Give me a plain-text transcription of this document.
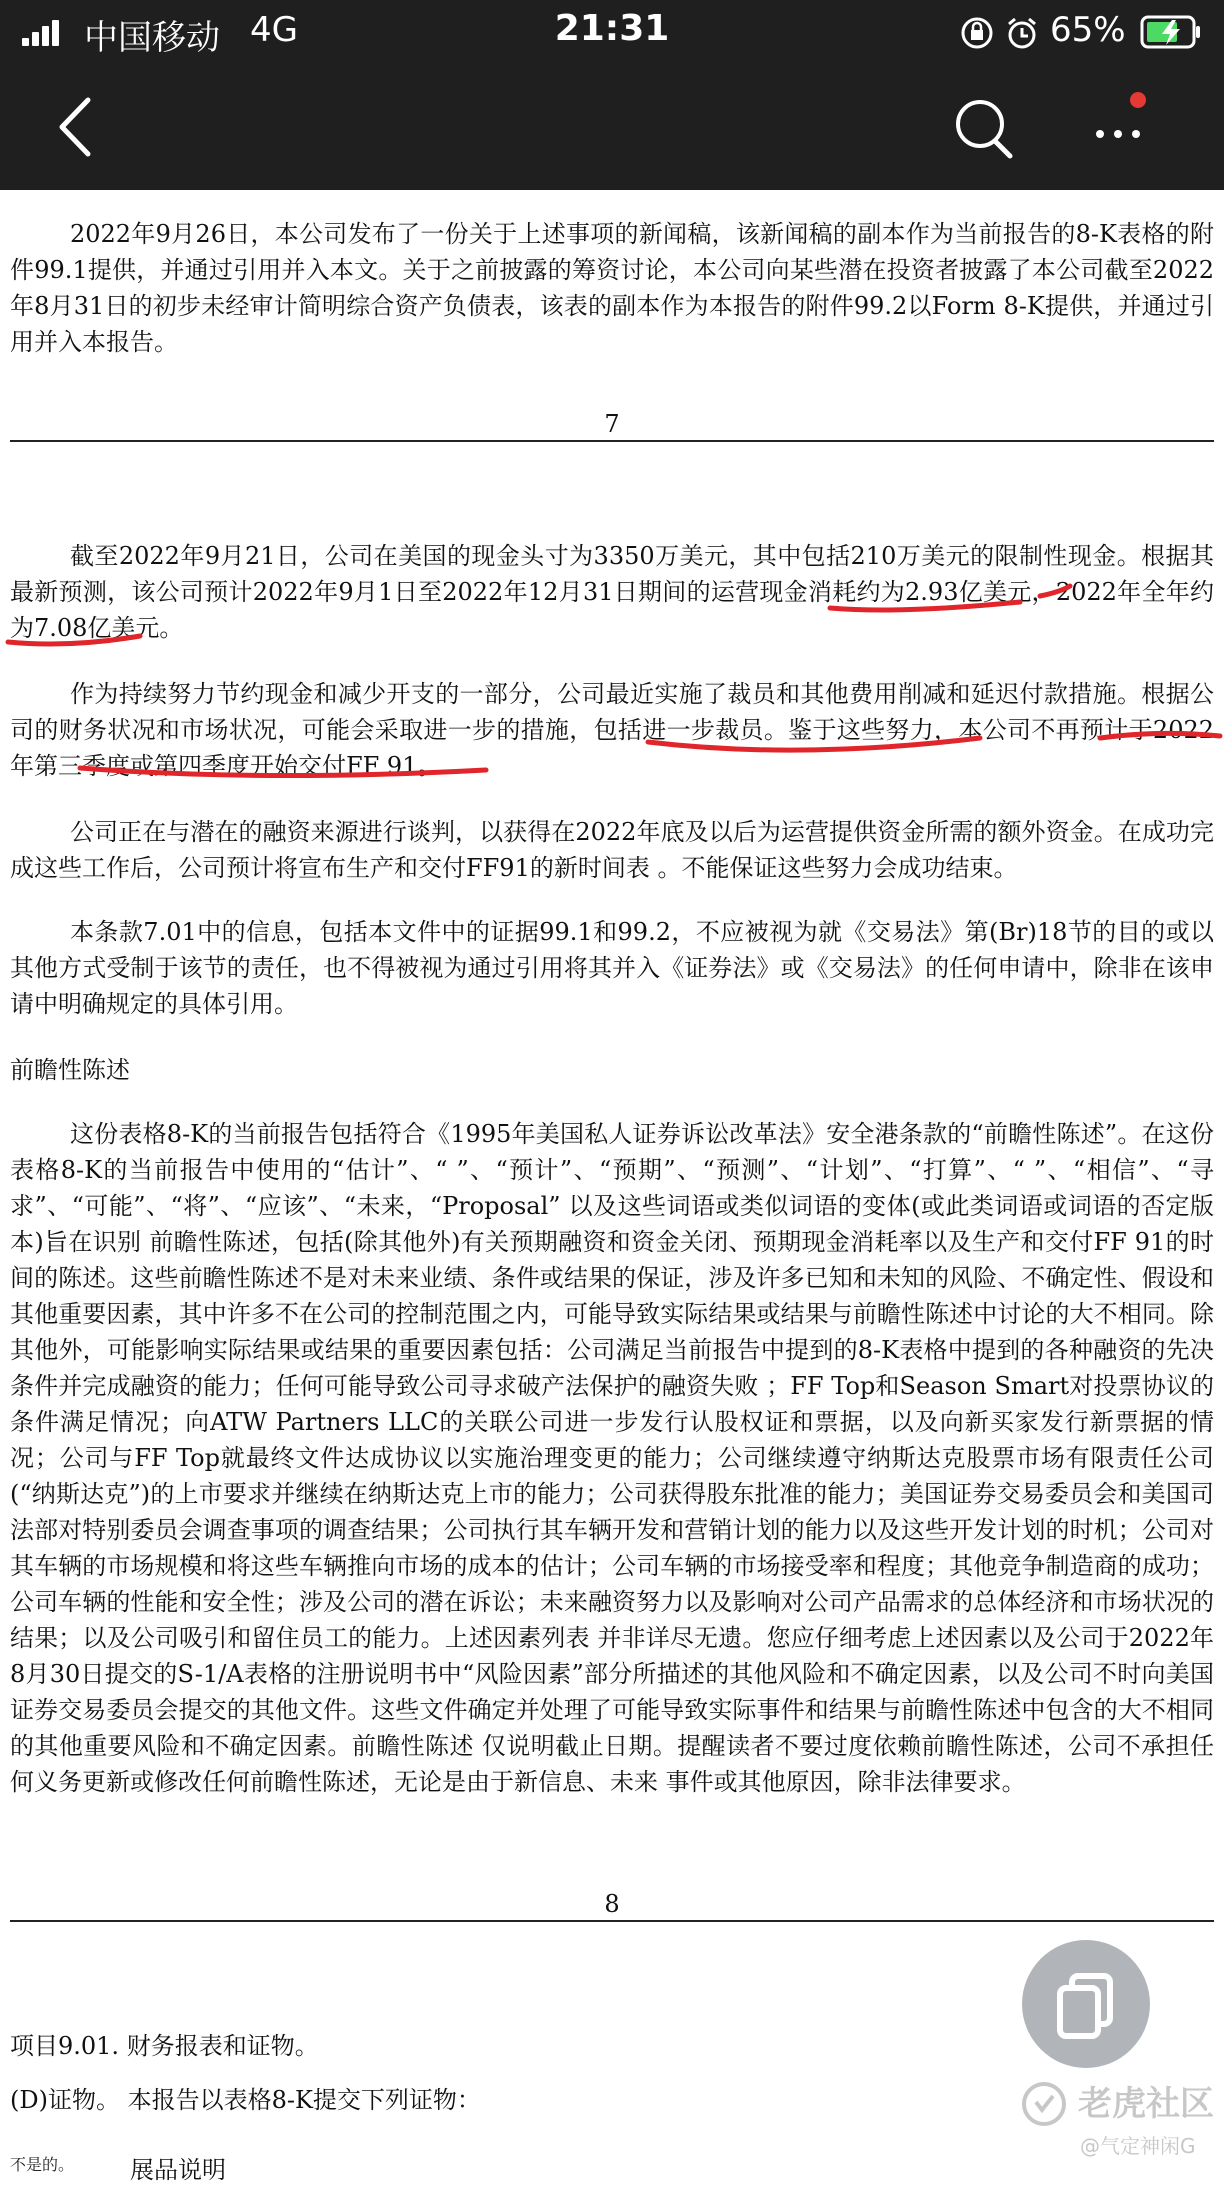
中国移动 4G	21:31	65%

2022年9月26日，本公司发布了一份关于上述事项的新闻稿，该新闻稿的副本作为当前报告的8-K表格的附件99.1提供，并通过引用并入本文。关于之前披露的筹资讨论，本公司向某些潜在投资者披露了本公司截至2022年8月31日的初步未经审计简明综合资产负债表，该表的副本作为本报告的附件99.2以Form 8-K提供，并通过引用并入本报告。

7

截至2022年9月21日，公司在美国的现金头寸为3350万美元，其中包括210万美元的限制性现金。根据其最新预测，该公司预计2022年9月1日至2022年12月31日期间的运营现金消耗约为2.93亿美元，2022年全年约为7.08亿美元。

作为持续努力节约现金和减少开支的一部分，公司最近实施了裁员和其他费用削减和延迟付款措施。根据公司的财务状况和市场状况，可能会采取进一步的措施，包括进一步裁员。鉴于这些努力，本公司不再预计于2022年第三季度或第四季度开始交付FF 91。

公司正在与潜在的融资来源进行谈判，以获得在2022年底及以后为运营提供资金所需的额外资金。在成功完成这些工作后，公司预计将宣布生产和交付FF91的新时间表 。不能保证这些努力会成功结束。

本条款7.01中的信息，包括本文件中的证据99.1和99.2，不应被视为就《交易法》第(Br)18节的目的或以其他方式受制于该节的责任，也不得被视为通过引用将其并入《证券法》或《交易法》的任何申请中，除非在该申请中明确规定的具体引用。

前瞻性陈述

这份表格8-K的当前报告包括符合《1995年美国私人证券诉讼改革法》安全港条款的“前瞻性陈述”。在这份表格8-K的当前报告中使用的“估计”、“ ”、“预计”、“预期”、“预测”、“计划”、“打算”、“ ”、“相信”、“寻求”、“可能”、“将”、“应该”、“未来，“Proposal” 以及这些词语或类似词语的变体(或此类词语或词语的否定版本)旨在识别 前瞻性陈述，包括(除其他外)有关预期融资和资金关闭、预期现金消耗率以及生产和交付FF 91的时间的陈述。这些前瞻性陈述不是对未来业绩、条件或结果的保证，涉及许多已知和未知的风险、不确定性、假设和其他重要因素，其中许多不在公司的控制范围之内，可能导致实际结果或结果与前瞻性陈述中讨论的大不相同。除其他外，可能影响实际结果或结果的重要因素包括：公司满足当前报告中提到的8-K表格中提到的各种融资的先决条件并完成融资的能力；任何可能导致公司寻求破产法保护的融资失败 ；FF Top和Season Smart对投票协议的条件满足情况；向ATW Partners LLC的关联公司进一步发行认股权证和票据，以及向新买家发行新票据的情况；公司与FF Top就最终文件达成协议以实施治理变更的能力；公司继续遵守纳斯达克股票市场有限责任公司(“纳斯达克”)的上市要求并继续在纳斯达克上市的能力；公司获得股东批准的能力；美国证券交易委员会和美国司法部对特别委员会调查事项的调查结果；公司执行其车辆开发和营销计划的能力以及这些开发计划的时机；公司对其车辆的市场规模和将这些车辆推向市场的成本的估计；公司车辆的市场接受率和程度；其他竞争制造商的成功；公司车辆的性能和安全性；涉及公司的潜在诉讼；未来融资努力以及影响对公司产品需求的总体经济和市场状况的结果；以及公司吸引和留住员工的能力。上述因素列表 并非详尽无遗。您应仔细考虑上述因素以及公司于2022年8月30日提交的S-1/A表格的注册说明书中“风险因素”部分所描述的其他风险和不确定因素，以及公司不时向美国证券交易委员会提交的其他文件。这些文件确定并处理了可能导致实际事件和结果与前瞻性陈述中包含的大不相同的其他重要风险和不确定因素。前瞻性陈述 仅说明截止日期。提醒读者不要过度依赖前瞻性陈述，公司不承担任何义务更新或修改任何前瞻性陈述，无论是由于新信息、未来 事件或其他原因，除非法律要求。

8
项目9.01. 财务报表和证物。
(D)证物。 本报告以表格8-K提交下列证物：
不是的。 展品说明
老虎社区
@气定神闲G
